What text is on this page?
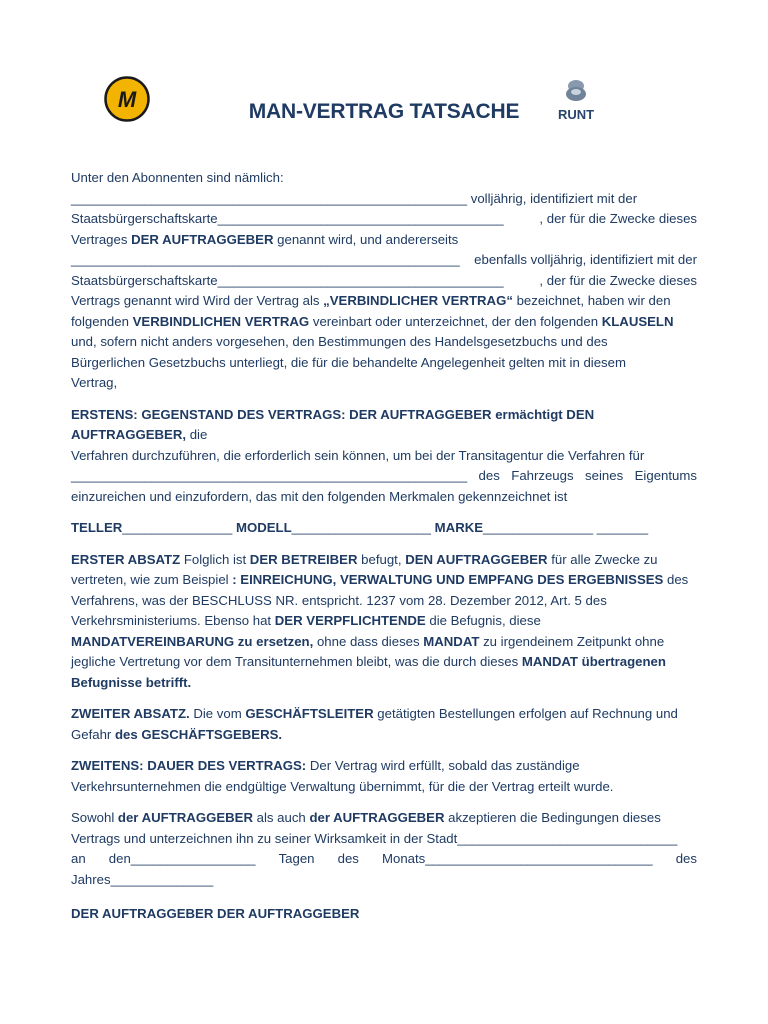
M	MAN-VERTRAG TATSACHE	RUNT
Unter den Abonnenten sind nämlich:
______________________________________________________ volljährig, identifiziert mit der
Staatsbürgerschaftskarte_______________________________________	, der für die Zwecke dieses
Vertrages DER AUFTRAGGEBER genannt wird, und andererseits
_____________________________________________________ ebenfalls volljährig, identifiziert mit der
Staatsbürgerschaftskarte_______________________________________	, der für die Zwecke dieses
Vertrags genannt wird Wird der Vertrag als „VERBINDLICHER VERTRAG“ bezeichnet, haben wir den
folgenden VERBINDLICHEN VERTRAG vereinbart oder unterzeichnet, der den folgenden KLAUSELN
und, sofern nicht anders vorgesehen, den Bestimmungen des Handelsgesetzbuchs und des
Bürgerlichen Gesetzbuchs unterliegt, die für die behandelte Angelegenheit gelten mit in diesem
Vertrag,
ERSTENS: GEGENSTAND DES VERTRAGS: DER AUFTRAGGEBER ermächtigt DEN AUFTRAGGEBER, die
Verfahren durchzuführen, die erforderlich sein können, um bei der Transitagentur die Verfahren für
______________________________________________________ des Fahrzeugs seines Eigentums
einzureichen und einzufordern, das mit den folgenden Merkmalen gekennzeichnet ist
TELLER_______________ MODELL___________________ MARKE_______________ _______
ERSTER ABSATZ Folglich ist DER BETREIBER befugt, DEN AUFTRAGGEBER für alle Zwecke zu
vertreten, wie zum Beispiel : EINREICHUNG, VERWALTUNG UND EMPFANG DES ERGEBNISSES des
Verfahrens, was der BESCHLUSS NR. entspricht. 1237 vom 28. Dezember 2012, Art. 5 des
Verkehrsministeriums. Ebenso hat DER VERPFLICHTENDE die Befugnis, diese
MANDATVEREINBARUNG zu ersetzen, ohne dass dieses MANDAT zu irgendeinem Zeitpunkt ohne
jegliche Vertretung vor dem Transitunternehmen bleibt, was die durch dieses MANDAT übertragenen
Befugnisse betrifft.
ZWEITER ABSATZ. Die vom GESCHÄFTSLEITER getätigten Bestellungen erfolgen auf Rechnung und
Gefahr des GESCHÄFTSGEBERS.
ZWEITENS: DAUER DES VERTRAGS: Der Vertrag wird erfüllt, sobald das zuständige
Verkehrsunternehmen die endgültige Verwaltung übernimmt, für die der Vertrag erteilt wurde.
Sowohl der AUFTRAGGEBER als auch der AUFTRAGGEBER akzeptieren die Bedingungen dieses
Vertrags und unterzeichnen ihn zu seiner Wirksamkeit in der Stadt______________________________
an den_________________ Tagen des Monats_______________________________ des
Jahres______________
DER AUFTRAGGEBER DER AUFTRAGGEBER
